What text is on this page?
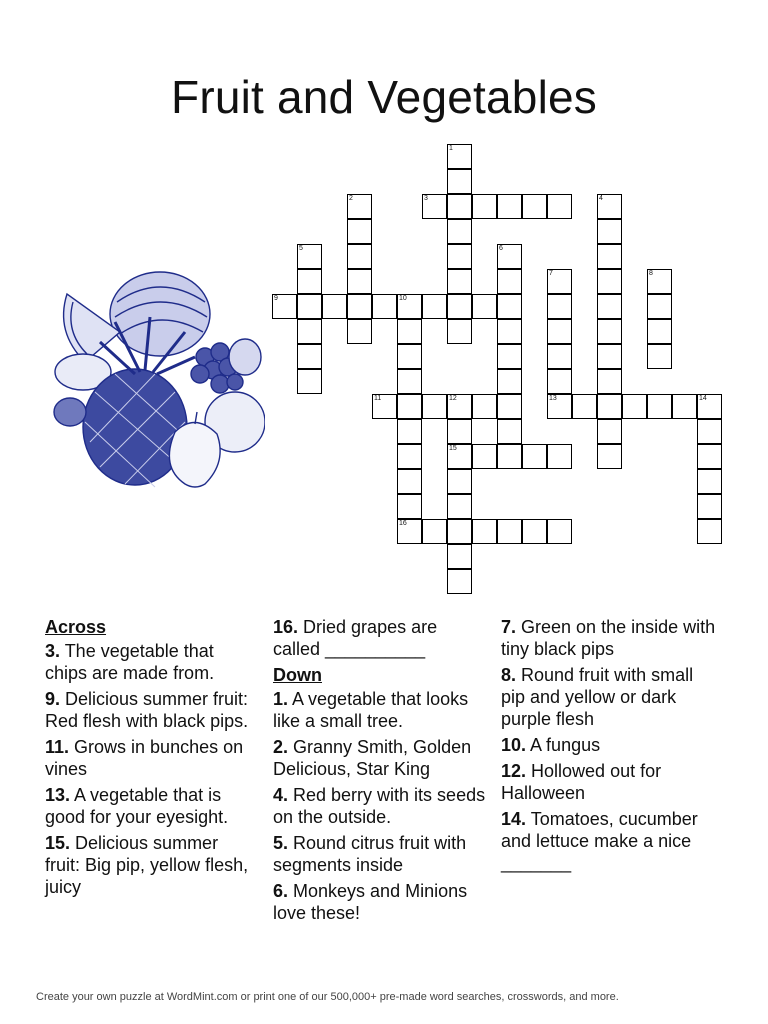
Fruit and Vegetables
1
2	3	4
5	6
7	8
9	10
11	12
15
13	14
16
Across
3. The vegetable that chips are made from.
9. Delicious summer fruit: Red flesh with black pips.
11. Grows in bunches on vines
13. A vegetable that is good for your eyesight.
15. Delicious summer fruit: Big pip, yellow flesh, juicy
16. Dried grapes are called __________
Down
1. A vegetable that looks like a small tree.
2. Granny Smith, Golden Delicious, Star King
4. Red berry with its seeds on the outside.
5. Round citrus fruit with segments inside
6. Monkeys and Minions love these!
7. Green on the inside with tiny black pips
8. Round fruit with small pip and yellow or dark purple flesh
10. A fungus
12. Hollowed out for Halloween
14. Tomatoes, cucumber and lettuce make a nice _______
Create your own puzzle at WordMint.com or print one of our 500,000+ pre-made word searches, crosswords, and more.
